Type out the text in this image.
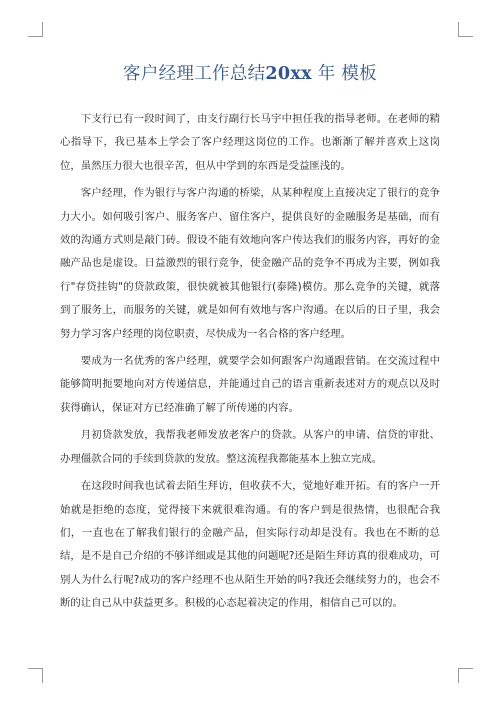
客户经理工作总结20xx 年 模板

下支行已有一段时间了，由支行副行长马宇中担任我的指导老师。在老师的精心指导下，我已基本上学会了客户经理这岗位的工作。也渐渐了解并喜欢上这岗位，虽然压力很大也很辛苦，但从中学到的东西是受益匪浅的。

客户经理，作为银行与客户沟通的桥梁，从某种程度上直接决定了银行的竞争力大小。如何吸引客户、服务客户、留住客户，提供良好的金融服务是基础，而有效的沟通方式则是敲门砖。假设不能有效地向客户传达我们的服务内容，再好的金融产品也是虚设。日益激烈的银行竞争，使金融产品的竞争不再成为主要，例如我行"存贷挂钩"的贷款政策，很快就被其他银行(泰隆)模仿。那么竞争的关键，就落到了服务上，而服务的关键，就是如何有效地与客户沟通。在以后的日子里，我会努力学习客户经理的岗位职责，尽快成为一名合格的客户经理。

要成为一名优秀的客户经理，就要学会如何跟客户沟通跟营销。在交流过程中能够简明扼要地向对方传递信息，并能通过自己的语言重新表述对方的观点以及时获得确认，保证对方已经准确了解了所传递的内容。

月初贷款发放，我帮我老师发放老客户的贷款。从客户的申请、信贷的审批、办理僵款合同的手续到贷款的发放。整这流程我都能基本上独立完成。

在这段时间我也试着去陌生拜访，但收获不大，觉地好难开拓。有的客户一开始就是拒绝的态度，觉得接下来就很难沟通。有的客户到是很热情，也很配合我们，一直也在了解我们银行的金融产品，但实际行动却是没有。我也在不断的总结，是不是自己介绍的不够详细或是其他的问题呢?还是陌生拜访真的很难成功，可别人为什么行呢?成功的客户经理不也从陌生开始的吗?我还会继续努力的，也会不断的让自己从中获益更多。积极的心态起着决定的作用，相信自己可以的。
